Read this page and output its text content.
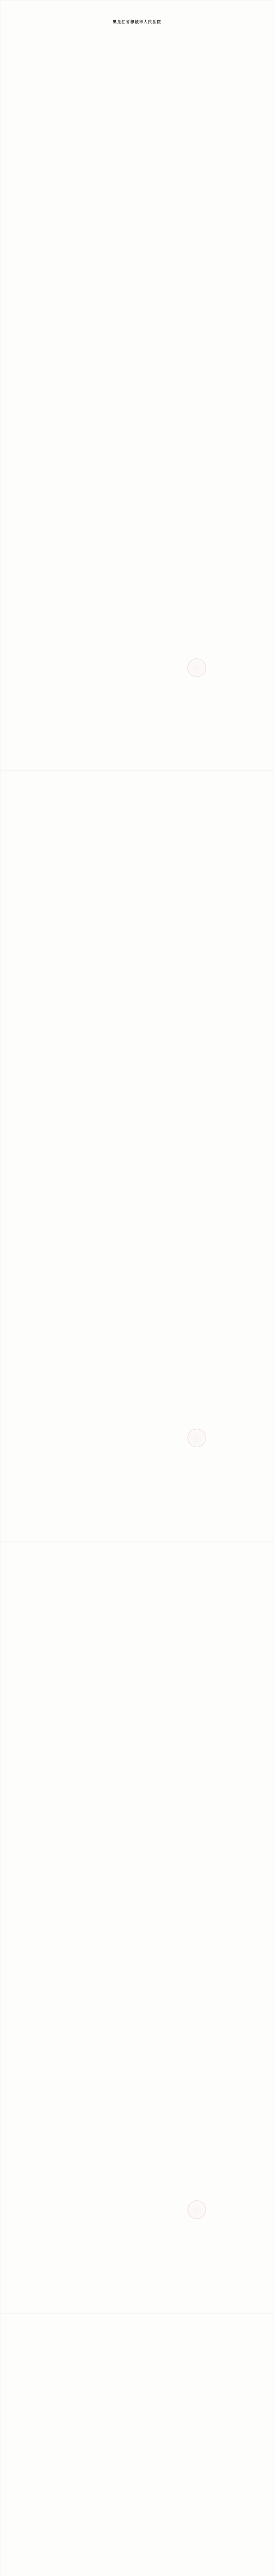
黑龙江省穆棱市人民法院
